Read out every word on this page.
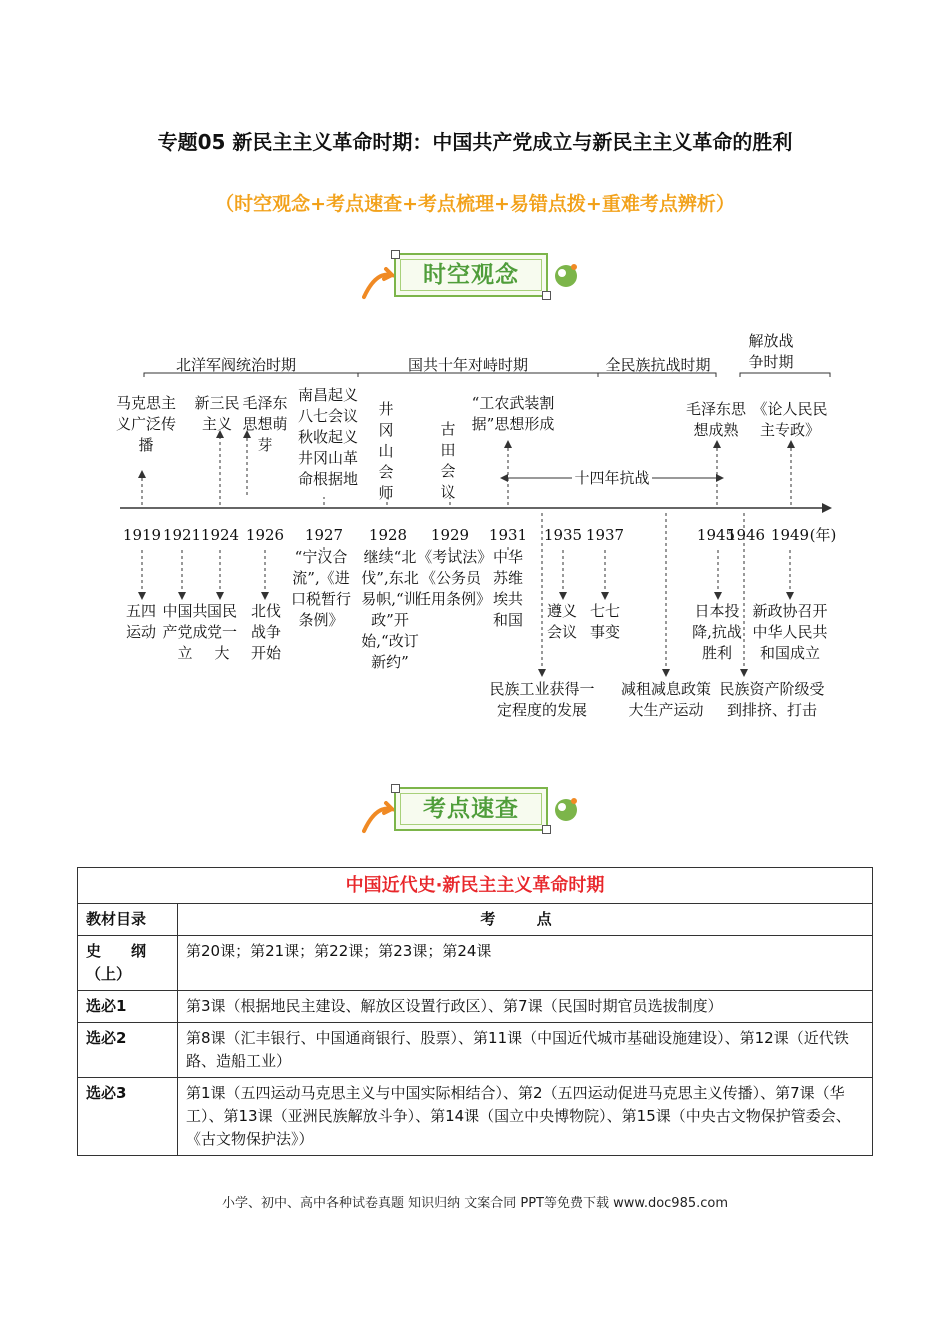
专题05 新民主主义革命时期：中国共产党成立与新民主主义革命的胜利
（时空观念+考点速查+考点梳理+易错点拨+重难考点辨析）
时空观念
北洋军阀统治时期	国共十年对峙时期	全民族抗战时期
解放战争时期
十四年抗战
1919 1921 1924 1926 1927 1928 1929 1931 1935 1937	1945
1946 1949 (年)
马克思主义广泛传播
新三民主义
毛泽东思想萌芽
南昌起义八七会议秋收起义井冈山革命根据地
井冈山会师
古田会议
“工农武装割据”思想形成
毛泽东思想成熟
《论人民民主专政》
五四运动
中国共产党成立
国民党一大
北伐战争开始
“宁汉合流”,《进口税暂行条例》
继续“北伐”,东北易帜,“训政”开始,“改订新约”
《考试法》《公务员任用条例》
中华苏维埃共和国 遵义会议
七七事变
日本投降,抗战胜利
新政协召开中华人民共和国成立
民族工业获得一定程度的发展
减租减息政策大生产运动
民族资产阶级受到排挤、打击
考点速查
中国近代史·新民主主义革命时期	
教材目录	考 点
史　　纲（上）	第20课；第21课；第22课；第23课；第24课
选必1	第3课（根据地民主建设、解放区设置行政区）、第7课（民国时期官员选拔制度）
选必2	第8课（汇丰银行、中国通商银行、股票）、第11课（中国近代城市基础设施建设）、第12课（近代铁路、造船工业）
选必3	第1课（五四运动马克思主义与中国实际相结合）、第2（五四运动促进马克思主义传播）、第7课（华工）、第13课（亚洲民族解放斗争）、第14课（国立中央博物院）、第15课（中央古文物保护管委会、《古文物保护法》）
小学、初中、高中各种试卷真题 知识归纳 文案合同 PPT等免费下载 www.doc985.com
